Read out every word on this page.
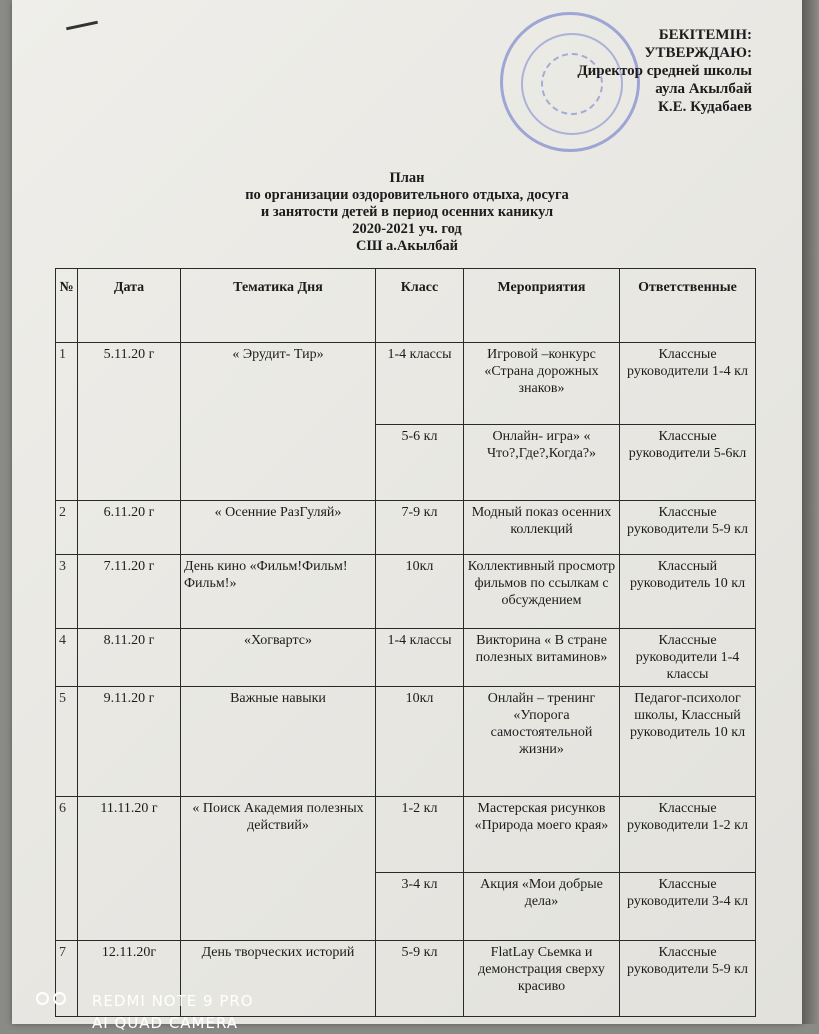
БЕКІТЕМІН:
УТВЕРЖДАЮ:
Директор средней школы
аула Акылбай
К.Е. Кудабаев
План
по организации оздоровительного отдыха, досуга
и занятости детей в период осенних каникул
2020-2021 уч. год
СШ а.Акылбай
№	Дата	Тематика Дня	Класс	Мероприятия	Ответственные
1	5.11.20 г	« Эрудит- Тир»	1-4 классы	Игровой –конкурс «Страна дорожных знаков»	Классные руководители 1-4 кл
			5-6 кл	Онлайн- игра» « Что?,Где?,Когда?»	Классные руководители 5-6кл
2	6.11.20 г	« Осенние РазГуляй»	7-9 кл	Модный показ осенних коллекций	Классные руководители 5-9 кл
3	7.11.20 г	День кино «Фильм!Фильм!Фильм!»	10кл	Коллективный просмотр фильмов по ссылкам с обсуждением	Классный руководитель 10 кл
4	8.11.20 г	«Хогвартс»	1-4 классы	Викторина « В стране полезных витаминов»	Классные руководители 1-4 классы
5	9.11.20 г	Важные навыки	10кл	Онлайн – тренинг «Упорога самостоятельной жизни»	Педагог-психолог школы, Классный руководитель 10 кл
6	11.11.20 г	« Поиск Академия полезных действий»	1-2 кл	Мастерская рисунков «Природа моего края»	Классные руководители 1-2 кл
			3-4 кл	Акция «Мои добрые дела»	Классные руководители 3-4 кл
7	12.11.20г	День творческих историй	5-9 кл	FlatLay Сьемка и демонстрация сверху красиво	Классные руководители 5-9 кл
REDMI NOTE 9 PRO
AI QUAD CAMERA
